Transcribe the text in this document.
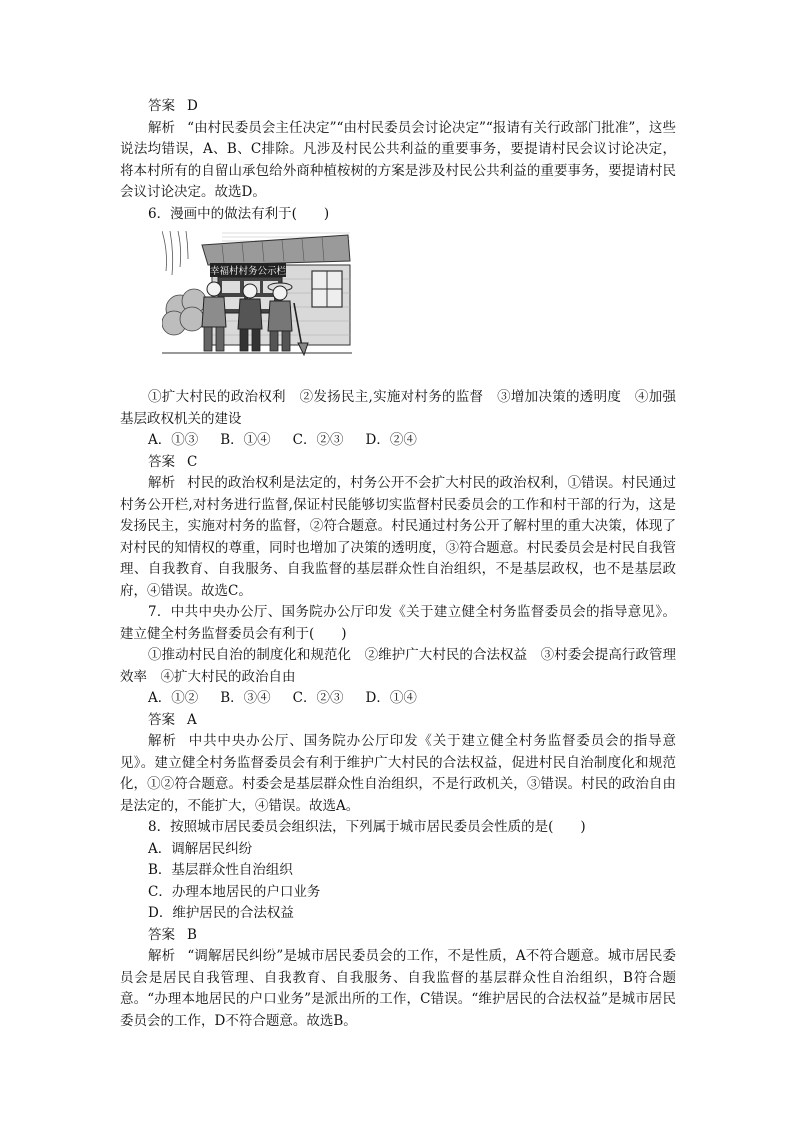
答案 D

解析 “由村民委员会主任决定”“由村民委员会讨论决定”“报请有关行政部门批准”，这些说法均错误，A、B、C排除。凡涉及村民公共利益的重要事务，要提请村民会议讨论决定，将本村所有的自留山承包给外商种植桉树的方案是涉及村民公共利益的重要事务，要提请村民会议讨论决定。故选D。

6．漫画中的做法有利于(　　)

幸福村村务公示栏

①扩大村民的政治权利　②发扬民主,实施对村务的监督　③增加决策的透明度　④加强基层政权机关的建设

A．①③ B．①④ C．②③ D．②④

答案 C

解析 村民的政治权利是法定的，村务公开不会扩大村民的政治权利，①错误。村民通过村务公开栏,对村务进行监督,保证村民能够切实监督村民委员会的工作和村干部的行为，这是发扬民主，实施对村务的监督，②符合题意。村民通过村务公开了解村里的重大决策，体现了对村民的知情权的尊重，同时也增加了决策的透明度，③符合题意。村民委员会是村民自我管理、自我教育、自我服务、自我监督的基层群众性自治组织，不是基层政权，也不是基层政府，④错误。故选C。

7．中共中央办公厅、国务院办公厅印发《关于建立健全村务监督委员会的指导意见》。建立健全村务监督委员会有利于(　　)

①推动村民自治的制度化和规范化　②维护广大村民的合法权益　③村委会提高行政管理效率　④扩大村民的政治自由

A．①② B．③④ C．②③ D．①④

答案 A

解析 中共中央办公厅、国务院办公厅印发《关于建立健全村务监督委员会的指导意见》。建立健全村务监督委员会有利于维护广大村民的合法权益，促进村民自治制度化和规范化，①②符合题意。村委会是基层群众性自治组织，不是行政机关，③错误。村民的政治自由是法定的，不能扩大，④错误。故选A。

8．按照城市居民委员会组织法，下列属于城市居民委员会性质的是(　　)

A．调解居民纠纷

B．基层群众性自治组织

C．办理本地居民的户口业务

D．维护居民的合法权益

答案 B

解析 “调解居民纠纷”是城市居民委员会的工作，不是性质，A不符合题意。城市居民委员会是居民自我管理、自我教育、自我服务、自我监督的基层群众性自治组织，B符合题意。“办理本地居民的户口业务”是派出所的工作，C错误。“维护居民的合法权益”是城市居民委员会的工作，D不符合题意。故选B。
